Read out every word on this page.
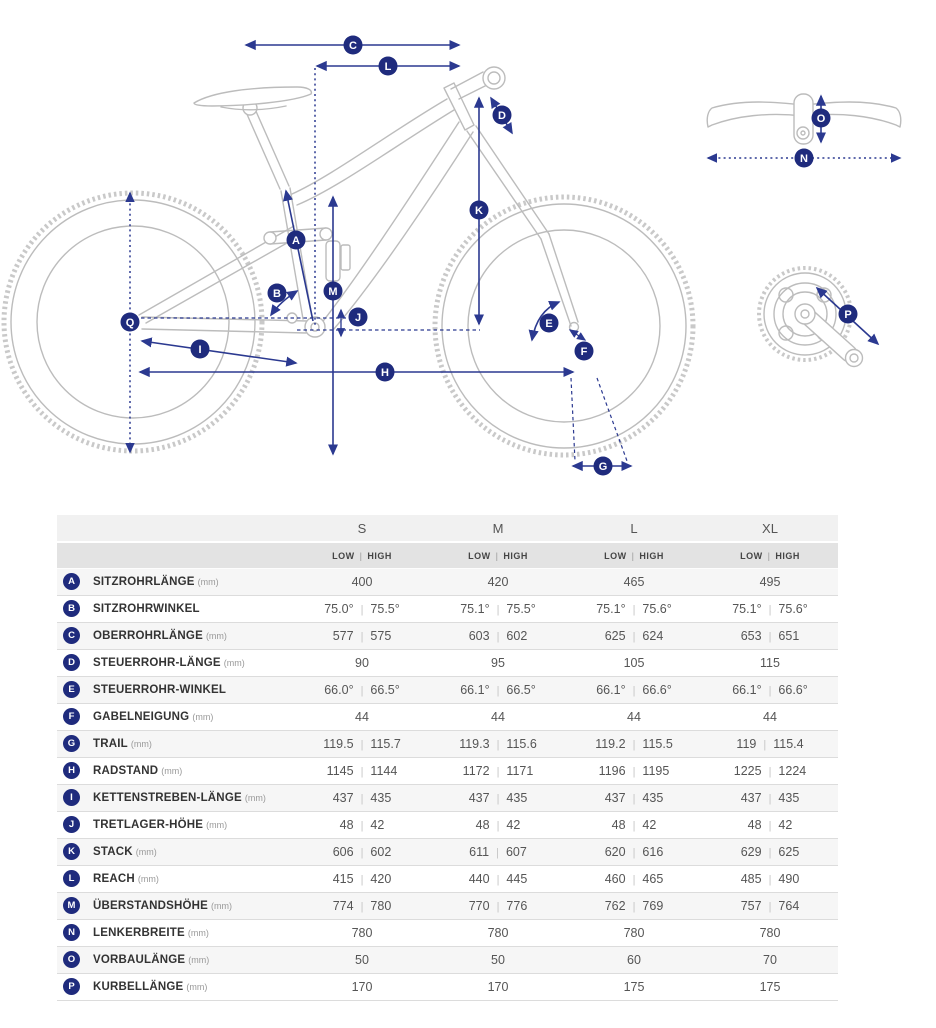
C
L
D
K
A
B	M
J
Q
I
H
E
F
G
N
O
P
	S	M	L	XL
	LOW | HIGH	LOW | HIGH	LOW | HIGH	LOW | HIGH
A SITZROHRLÄNGE (mm)	400	420	465	495
B SITZROHRWINKEL	75.0° | 75.5°	75.1° | 75.5°	75.1° | 75.6°	75.1° | 75.6°
C OBERROHRLÄNGE (mm)	577 | 575	603 | 602	625 | 624	653 | 651
D STEUERROHR-LÄNGE (mm)	90	95	105	115
E STEUERROHR-WINKEL	66.0° | 66.5°	66.1° | 66.5°	66.1° | 66.6°	66.1° | 66.6°
F GABELNEIGUNG (mm)	44	44	44	44
G TRAIL (mm)	119.5 | 115.7	119.3 | 115.6	119.2 | 115.5	119 | 115.4
H RADSTAND (mm)	1145 | 1144	1172 | 1171	1196 | 1195	1225 | 1224
I KETTENSTREBEN-LÄNGE (mm)	437 | 435	437 | 435	437 | 435	437 | 435
J TRETLAGER-HÖHE (mm)	48 | 42	48 | 42	48 | 42	48 | 42
K STACK (mm)	606 | 602	611 | 607	620 | 616	629 | 625
L REACH (mm)	415 | 420	440 | 445	460 | 465	485 | 490
M ÜBERSTANDSHÖHE (mm)	774 | 780	770 | 776	762 | 769	757 | 764
N LENKERBREITE (mm)	780	780	780	780
O VORBAULÄNGE (mm)	50	50	60	70
P KURBELLÄNGE (mm)	170	170	175	175
